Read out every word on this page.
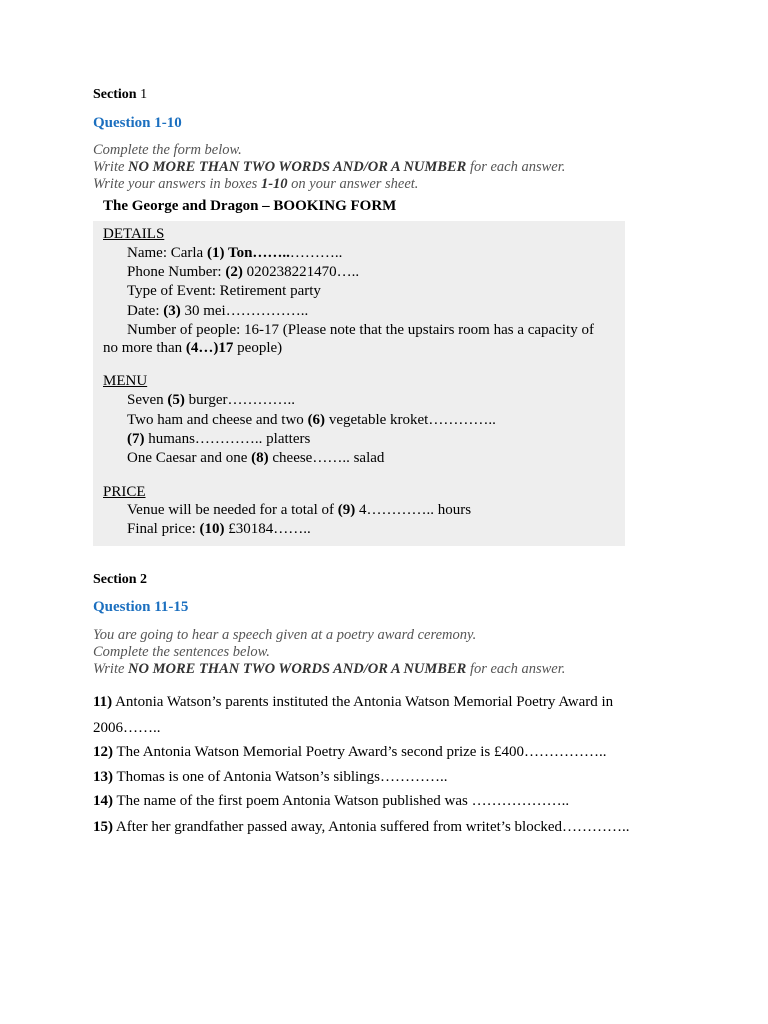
Section 1
Question 1-10
Complete the form below.
Write NO MORE THAN TWO WORDS AND/OR A NUMBER for each answer.
Write your answers in boxes 1-10 on your answer sheet.
The George and Dragon – BOOKING FORM
DETAILS
Name: Carla (1) Ton……..………..
Phone Number: (2) 020238221470…..
Type of Event: Retirement party
Date: (3) 30 mei……………..
Number of people: 16-17 (Please note that the upstairs room has a capacity of
no more than (4…)17 people)
MENU
Seven (5) burger…………..
Two ham and cheese and two (6) vegetable kroket…………..
(7) humans………….. platters
One Caesar and one (8) cheese…….. salad
PRICE
Venue will be needed for a total of (9) 4………….. hours
Final price: (10) £30184……..
Section 2
Question 11-15
You are going to hear a speech given at a poetry award ceremony.
Complete the sentences below.
Write NO MORE THAN TWO WORDS AND/OR A NUMBER for each answer.
11) Antonia Watson’s parents instituted the Antonia Watson Memorial Poetry Award in
2006……..
12) The Antonia Watson Memorial Poetry Award’s second prize is £400……………..
13) Thomas is one of Antonia Watson’s siblings…………..
14) The name of the first poem Antonia Watson published was ………………..
15) After her grandfather passed away, Antonia suffered from writet’s blocked…………..
